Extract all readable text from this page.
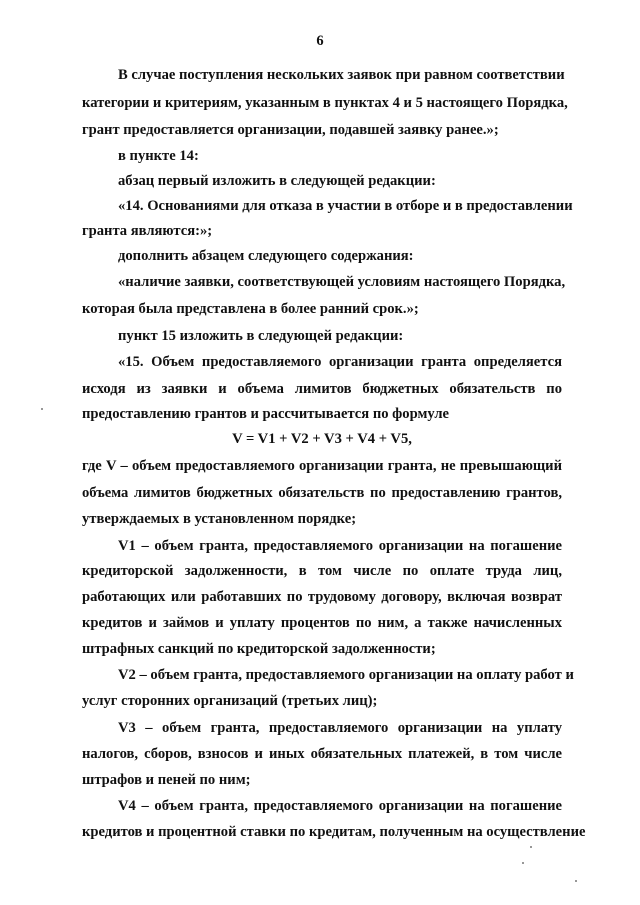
6
В случае поступления нескольких заявок при равном соответствии
категории и критериям, указанным в пунктах 4 и 5 настоящего Порядка,
грант предоставляется организации, подавшей заявку ранее.»;
в пункте 14:
абзац первый изложить в следующей редакции:
«14. Основаниями для отказа в участии в отборе и в предоставлении
гранта являются:»;
дополнить абзацем следующего содержания:
«наличие заявки, соответствующей условиям настоящего Порядка,
которая была представлена в более ранний срок.»;
пункт 15 изложить в следующей редакции:
«15. Объем предоставляемого организации гранта определяется
исходя из заявки и объема лимитов бюджетных обязательств по
предоставлению грантов и рассчитывается по формуле
V = V1 + V2 + V3 + V4 + V5,
где V – объем предоставляемого организации гранта, не превышающий
объема лимитов бюджетных обязательств по предоставлению грантов,
утверждаемых в установленном порядке;
V1 – объем гранта, предоставляемого организации на погашение
кредиторской задолженности, в том числе по оплате труда лиц,
работающих или работавших по трудовому договору, включая возврат
кредитов и займов и уплату процентов по ним, а также начисленных
штрафных санкций по кредиторской задолженности;
V2 – объем гранта, предоставляемого организации на оплату работ и
услуг сторонних организаций (третьих лиц);
V3 – объем гранта, предоставляемого организации на уплату
налогов, сборов, взносов и иных обязательных платежей, в том числе
штрафов и пеней по ним;
V4 – объем гранта, предоставляемого организации на погашение
кредитов и процентной ставки по кредитам, полученным на осуществление
